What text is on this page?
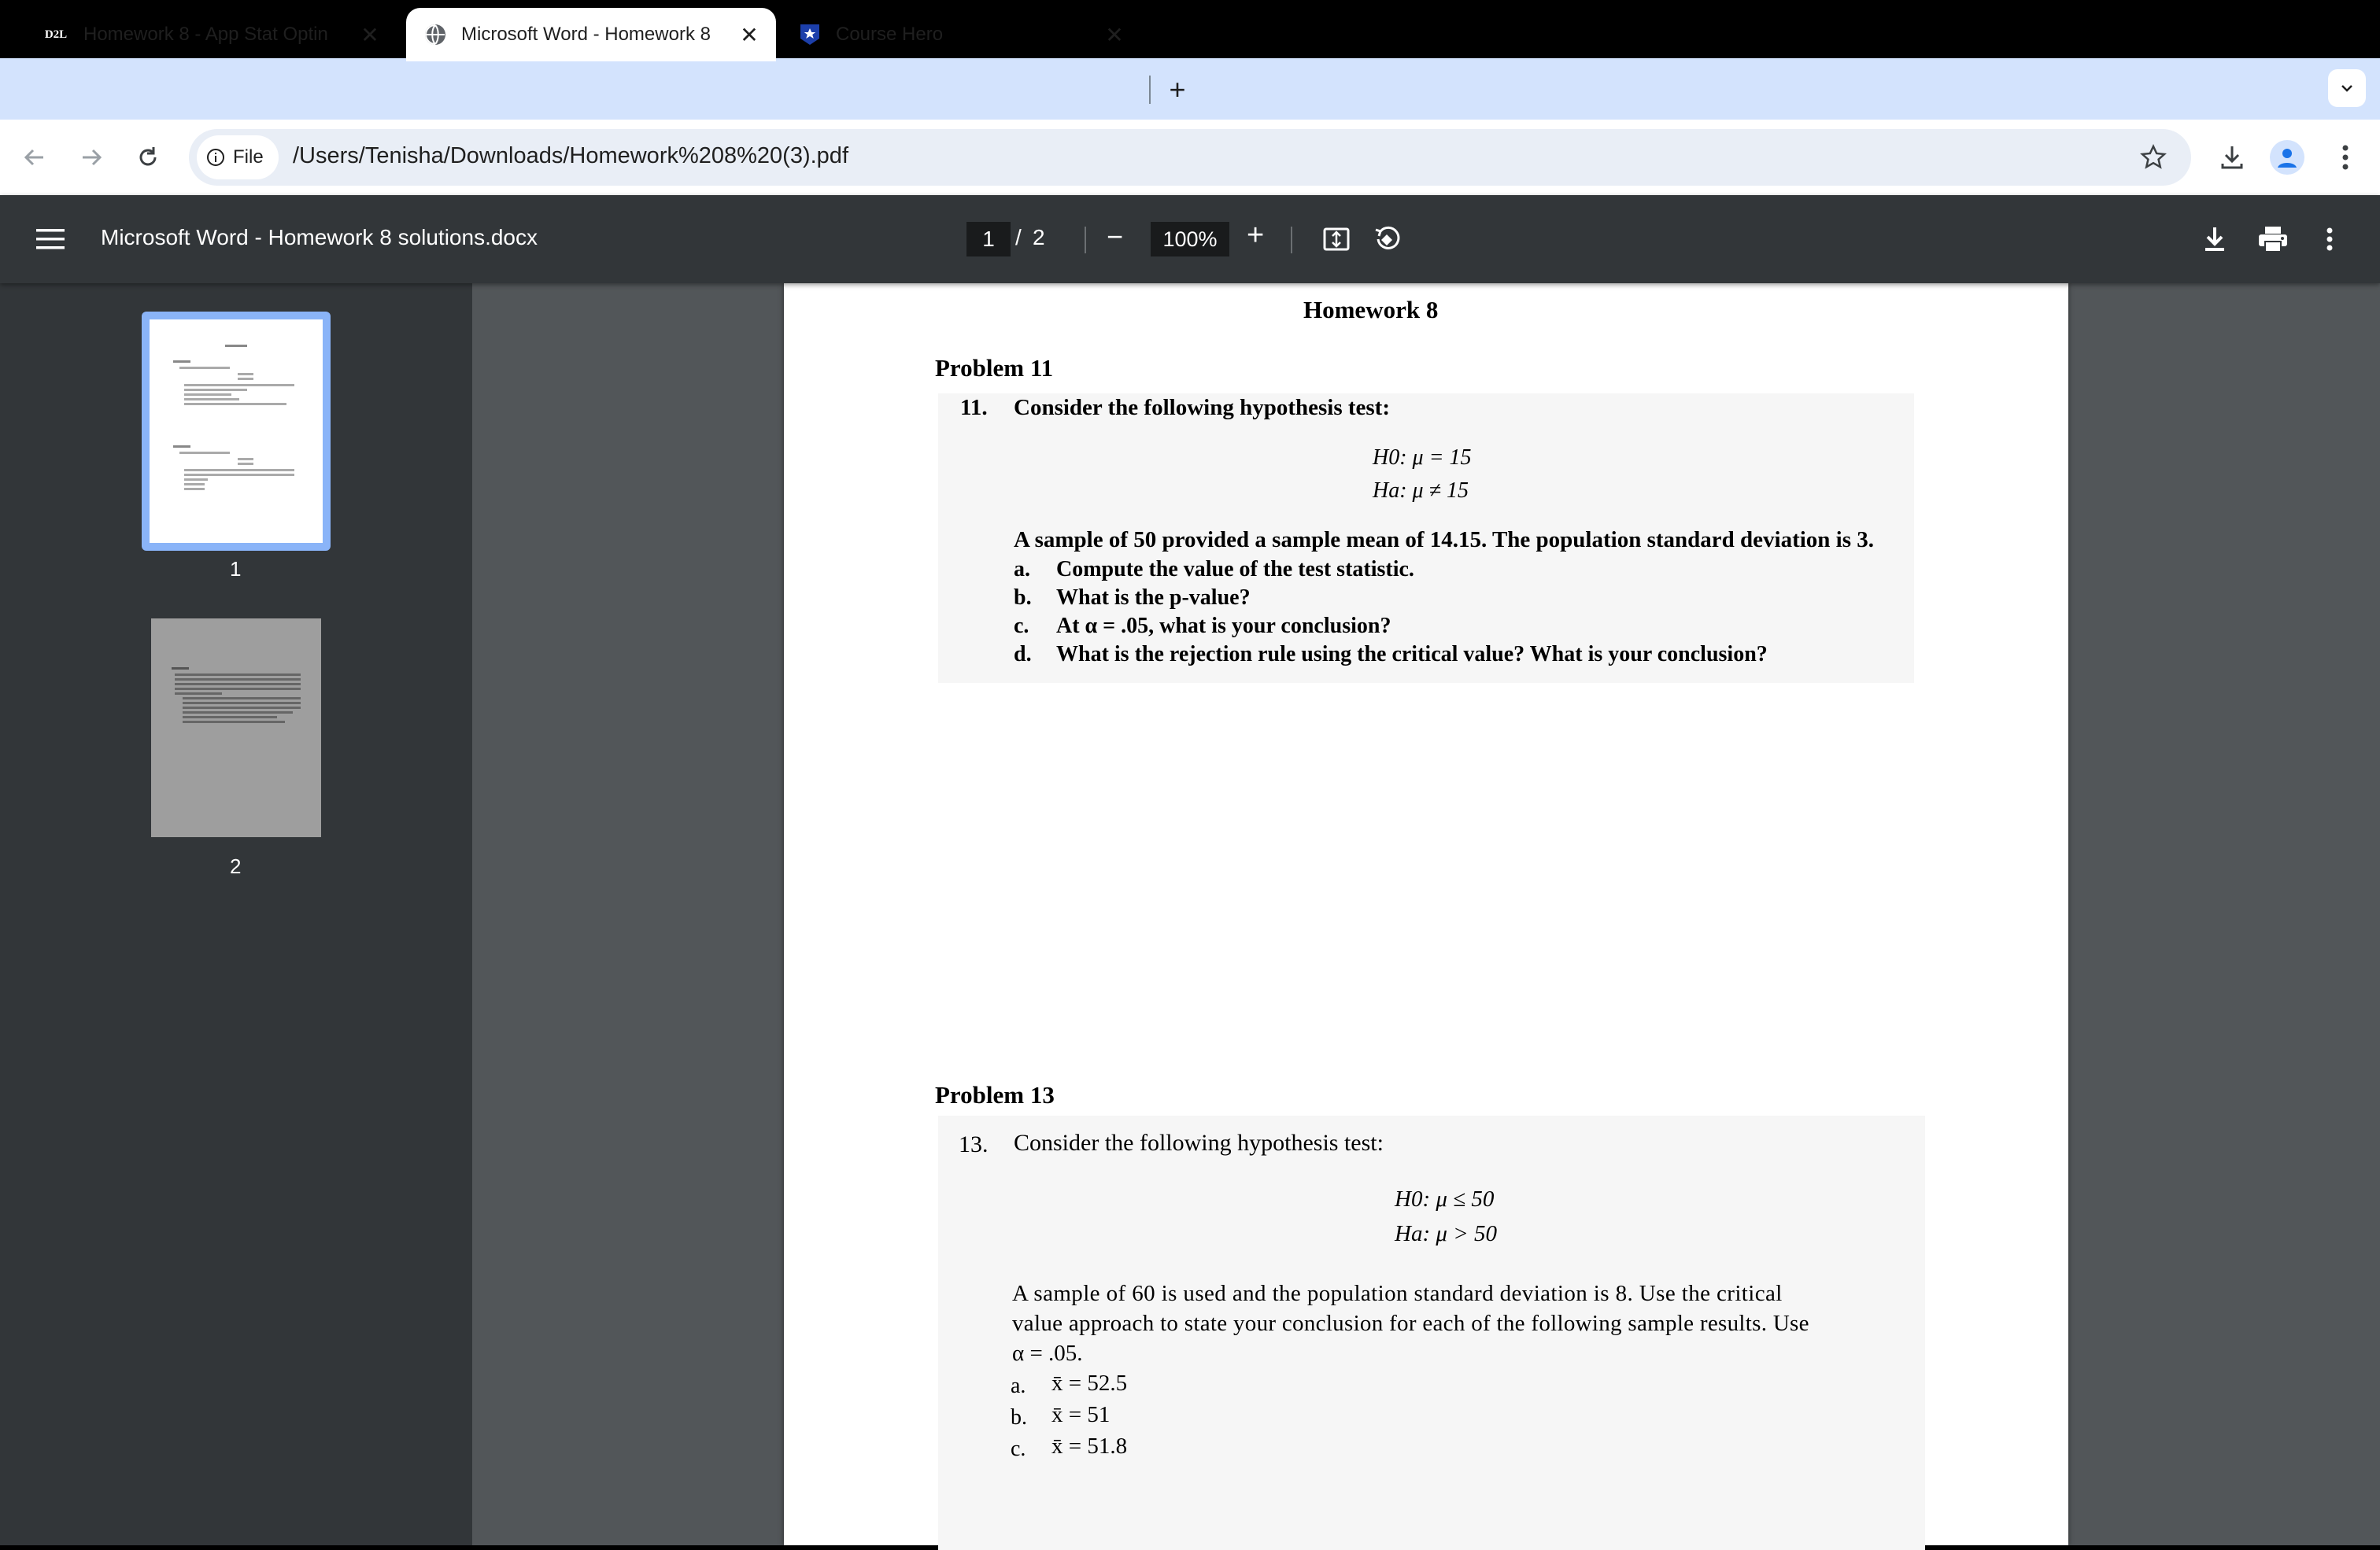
D2L Homework 8 - App Stat Optin	✕	Microsoft Word - Homework 8	✕	Course Hero	✕
+
File /Users/Tenisha/Downloads/Homework%208%20(3).pdf
Microsoft Word - Homework 8 solutions.docx	1 / 2 −	100% +
1
2
Homework 8
Problem 11
11. Consider the following hypothesis test:
H0: μ = 15
Ha: μ ≠ 15
A sample of 50 provided a sample mean of 14.15. The population standard deviation is 3.
a. Compute the value of the test statistic.
b. What is the p-value?
c. At α = .05, what is your conclusion?
d. What is the rejection rule using the critical value? What is your conclusion?
Problem 13
13. Consider the following hypothesis test:
H0: μ ≤ 50
Ha: μ > 50
A sample of 60 is used and the population standard deviation is 8. Use the critical
value approach to state your conclusion for each of the following sample results. Use
α = .05.
a. x̄ = 52.5
b. x̄ = 51
c. x̄ = 51.8
